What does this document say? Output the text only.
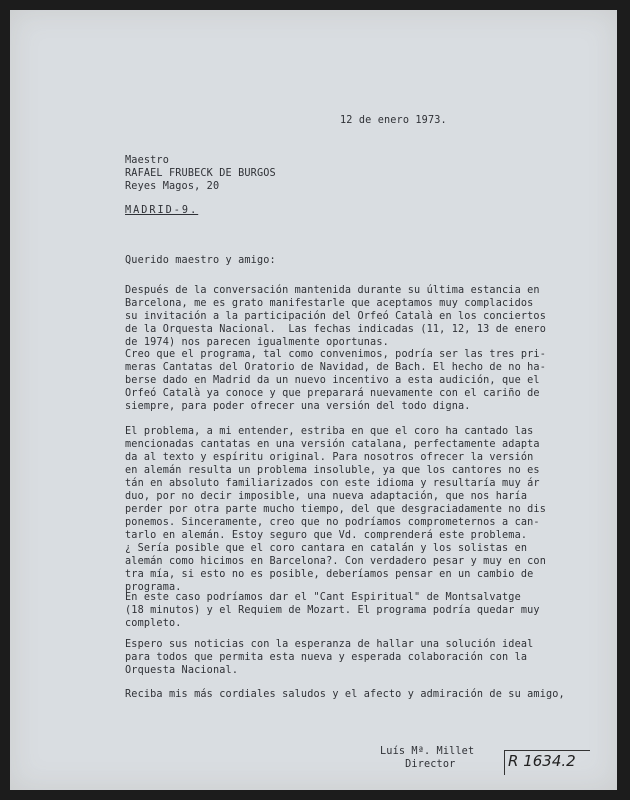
12 de enero 1973.
Maestro
RAFAEL FRUBECK DE BURGOS
Reyes Magos, 20
MADRID-9.
Querido maestro y amigo:
Después de la conversación mantenida durante su última estancia en
Barcelona, me es grato manifestarle que aceptamos muy complacidos
su invitación a la participación del Orfeó Català en los conciertos
de la Orquesta Nacional.  Las fechas indicadas (11, 12, 13 de enero
de 1974) nos parecen igualmente oportunas.
Creo que el programa, tal como convenimos, podría ser las tres pri-
meras Cantatas del Oratorio de Navidad, de Bach. El hecho de no ha-
berse dado en Madrid da un nuevo incentivo a esta audición, que el
Orfeó Català ya conoce y que preparará nuevamente con el cariño de
siempre, para poder ofrecer una versión del todo digna.
El problema, a mi entender, estriba en que el coro ha cantado las
mencionadas cantatas en una versión catalana, perfectamente adapta
da al texto y espíritu original. Para nosotros ofrecer la versión
en alemán resulta un problema insoluble, ya que los cantores no es
tán en absoluto familiarizados con este idioma y resultaría muy ár
duo, por no decir imposible, una nueva adaptación, que nos haría
perder por otra parte mucho tiempo, del que desgraciadamente no dis
ponemos. Sinceramente, creo que no podríamos comprometernos a can-
tarlo en alemán. Estoy seguro que Vd. comprenderá este problema.
¿ Sería posible que el coro cantara en catalán y los solistas en
alemán como hicimos en Barcelona?. Con verdadero pesar y muy en con
tra mía, si esto no es posible, deberíamos pensar en un cambio de
programa.
En este caso podríamos dar el "Cant Espiritual" de Montsalvatge
(18 minutos) y el Requiem de Mozart. El programa podría quedar muy
completo.
Espero sus noticias con la esperanza de hallar una solución ideal
para todos que permita esta nueva y esperada colaboración con la
Orquesta Nacional.
Reciba mis más cordiales saludos y el afecto y admiración de su amigo,
Luís Mª. Millet
Director	R 1634.2
